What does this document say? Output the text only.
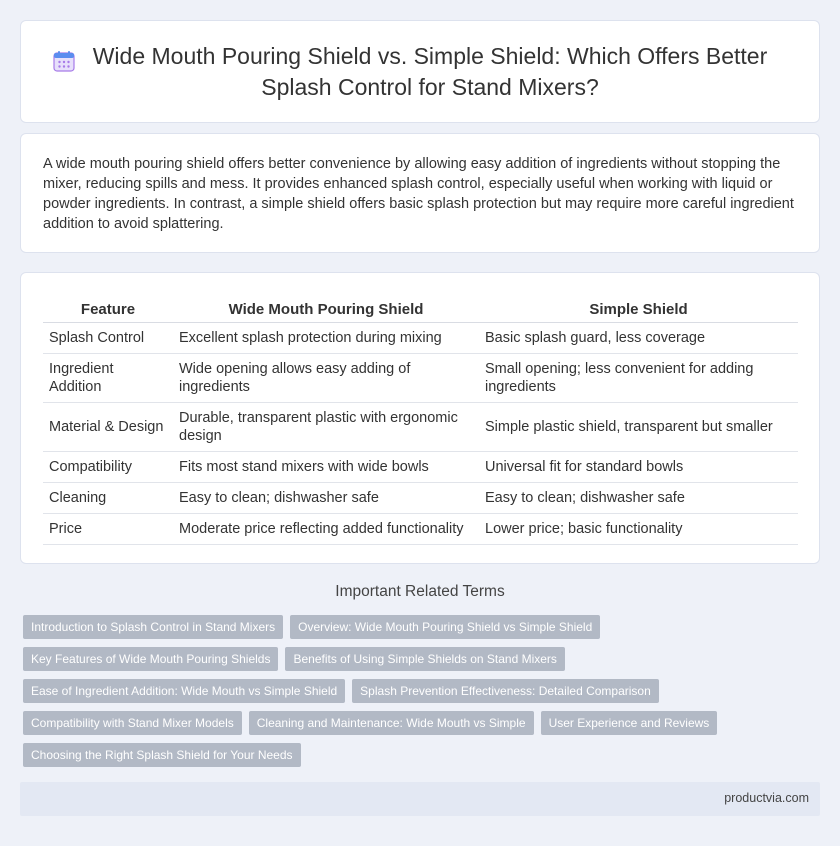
Wide Mouth Pouring Shield vs. Simple Shield: Which Offers Better Splash Control for Stand Mixers?

A wide mouth pouring shield offers better convenience by allowing easy addition of ingredients without stopping the mixer, reducing spills and mess. It provides enhanced splash control, especially useful when working with liquid or powder ingredients. In contrast, a simple shield offers basic splash protection but may require more careful ingredient addition to avoid splattering.

Feature	Wide Mouth Pouring Shield	Simple Shield
Splash Control	Excellent splash protection during mixing	Basic splash guard, less coverage
Ingredient Addition	Wide opening allows easy adding of ingredients	Small opening; less convenient for adding ingredients
Material & Design	Durable, transparent plastic with ergonomic design	Simple plastic shield, transparent but smaller
Compatibility	Fits most stand mixers with wide bowls	Universal fit for standard bowls
Cleaning	Easy to clean; dishwasher safe	Easy to clean; dishwasher safe
Price	Moderate price reflecting added functionality	Lower price; basic functionality
Important Related Terms
Introduction to Splash Control in Stand Mixers	Overview: Wide Mouth Pouring Shield vs Simple Shield
Key Features of Wide Mouth Pouring Shields	Benefits of Using Simple Shields on Stand Mixers
Ease of Ingredient Addition: Wide Mouth vs Simple Shield	Splash Prevention Effectiveness: Detailed Comparison
Compatibility with Stand Mixer Models	Cleaning and Maintenance: Wide Mouth vs Simple	User Experience and Reviews
Choosing the Right Splash Shield for Your Needs
productvia.com
